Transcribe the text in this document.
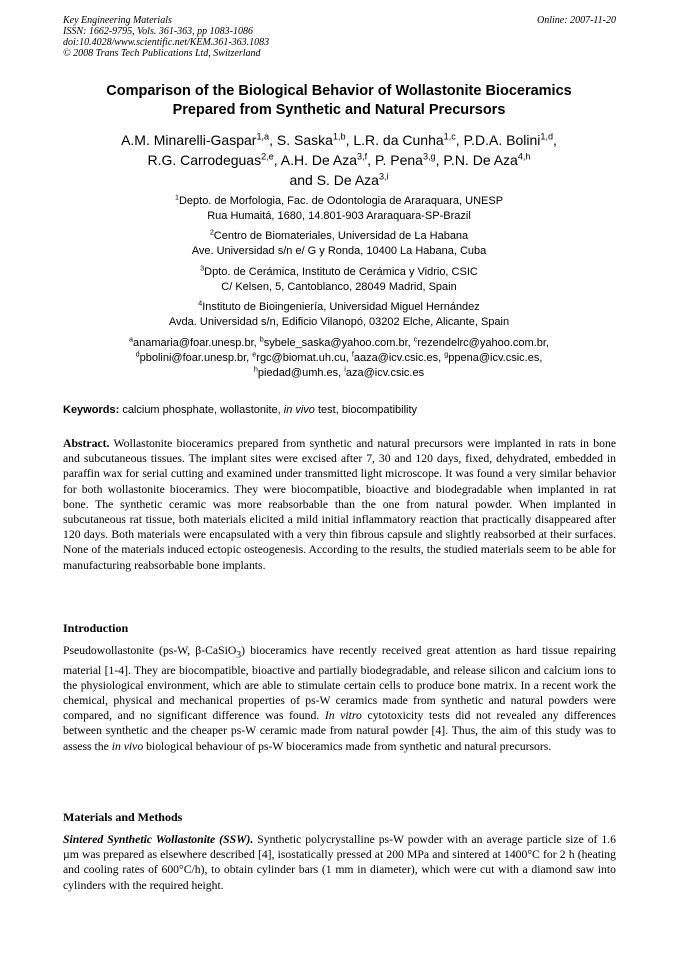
Key Engineering Materials
ISSN: 1662-9795, Vols. 361-363, pp 1083-1086
doi:10.4028/www.scientific.net/KEM.361-363.1083
© 2008 Trans Tech Publications Ltd, Switzerland
Online: 2007-11-20
Comparison of the Biological Behavior of Wollastonite Bioceramics
Prepared from Synthetic and Natural Precursors
A.M. Minarelli-Gaspar$^{1,a}$, S. Saska$^{1,b}$, L.R. da Cunha$^{1,c}$, P.D.A. Bolini$^{1,d}$,
R.G. Carrodeguas$^{2,e}$, A.H. De Aza$^{3,f}$, P. Pena$^{3,g}$, P.N. De Aza$^{4,h}$
and S. De Aza$^{3,i}$

$^1$Depto. de Morfologia, Fac. de Odontologia de Araraquara, UNESP

Rua Humaitá, 1680, 14.801-903 Araraquara-SP-Brazil

$^2$Centro de Biomateriales, Universidad de La Habana

Ave. Universidad s/n e/ G y Ronda, 10400 La Habana, Cuba

$^3$Dpto. de Cerámica, Instituto de Cerámica y Vidrio, CSIC

C/ Kelsen, 5, Cantoblanco, 28049 Madrid, Spain

$^4$Instituto de Bioingeniería, Universidad Miguel Hernández

Avda. Universidad s/n, Edificio Vilanopó, 03202 Elche, Alicante, Spain

$^a$anamaria@foar.unesp.br, $^b$sybele_saska@yahoo.com.br, $^c$rezendelrc@yahoo.com.br,

$^d$pbolini@foar.unesp.br, $^e$rgc@biomat.uh.cu, $^f$aaza@icv.csic.es, $^g$ppena@icv.csic.es,

$^h$piedad@umh.es, $^i$aza@icv.csic.es

Keywords: calcium phosphate, wollastonite, in vivo test, biocompatibility

Abstract. Wollastonite bioceramics prepared from synthetic and natural precursors were implanted in rats in bone and subcutaneous tissues. The implant sites were excised after 7, 30 and 120 days, fixed, dehydrated, embedded in paraffin wax for serial cutting and examined under transmitted light microscope. It was found a very similar behavior for both wollastonite bioceramics. They were biocompatible, bioactive and biodegradable when implanted in rat bone. The synthetic ceramic was more reabsorbable than the one from natural powder. When implanted in subcutaneous rat tissue, both materials elicited a mild initial inflammatory reaction that practically disappeared after 120 days. Both materials were encapsulated with a very thin fibrous capsule and slightly reabsorbed at their surfaces. None of the materials induced ectopic osteogenesis. According to the results, the studied materials seem to be able for manufacturing reabsorbable bone implants.

Introduction

Pseudowollastonite (ps-W, β-CaSiO$_3$) bioceramics have recently received great attention as hard tissue repairing material [1-4]. They are biocompatible, bioactive and partially biodegradable, and release silicon and calcium ions to the physiological environment, which are able to stimulate certain cells to produce bone matrix. In a recent work the chemical, physical and mechanical properties of ps-W ceramics made from synthetic and natural powders were compared, and no significant difference was found. In vitro cytotoxicity tests did not revealed any differences between synthetic and the cheaper ps-W ceramic made from natural powder [4]. Thus, the aim of this study was to assess the in vivo biological behaviour of ps-W bioceramics made from synthetic and natural precursors.

Materials and Methods

Sintered Synthetic Wollastonite (SSW). Synthetic polycrystalline ps-W powder with an average particle size of 1.6 µm was prepared as elsewhere described [4], isostatically pressed at 200 MPa and sintered at 1400°C for 2 h (heating and cooling rates of 600°C/h), to obtain cylinder bars (1 mm in diameter), which were cut with a diamond saw into cylinders with the required height.
